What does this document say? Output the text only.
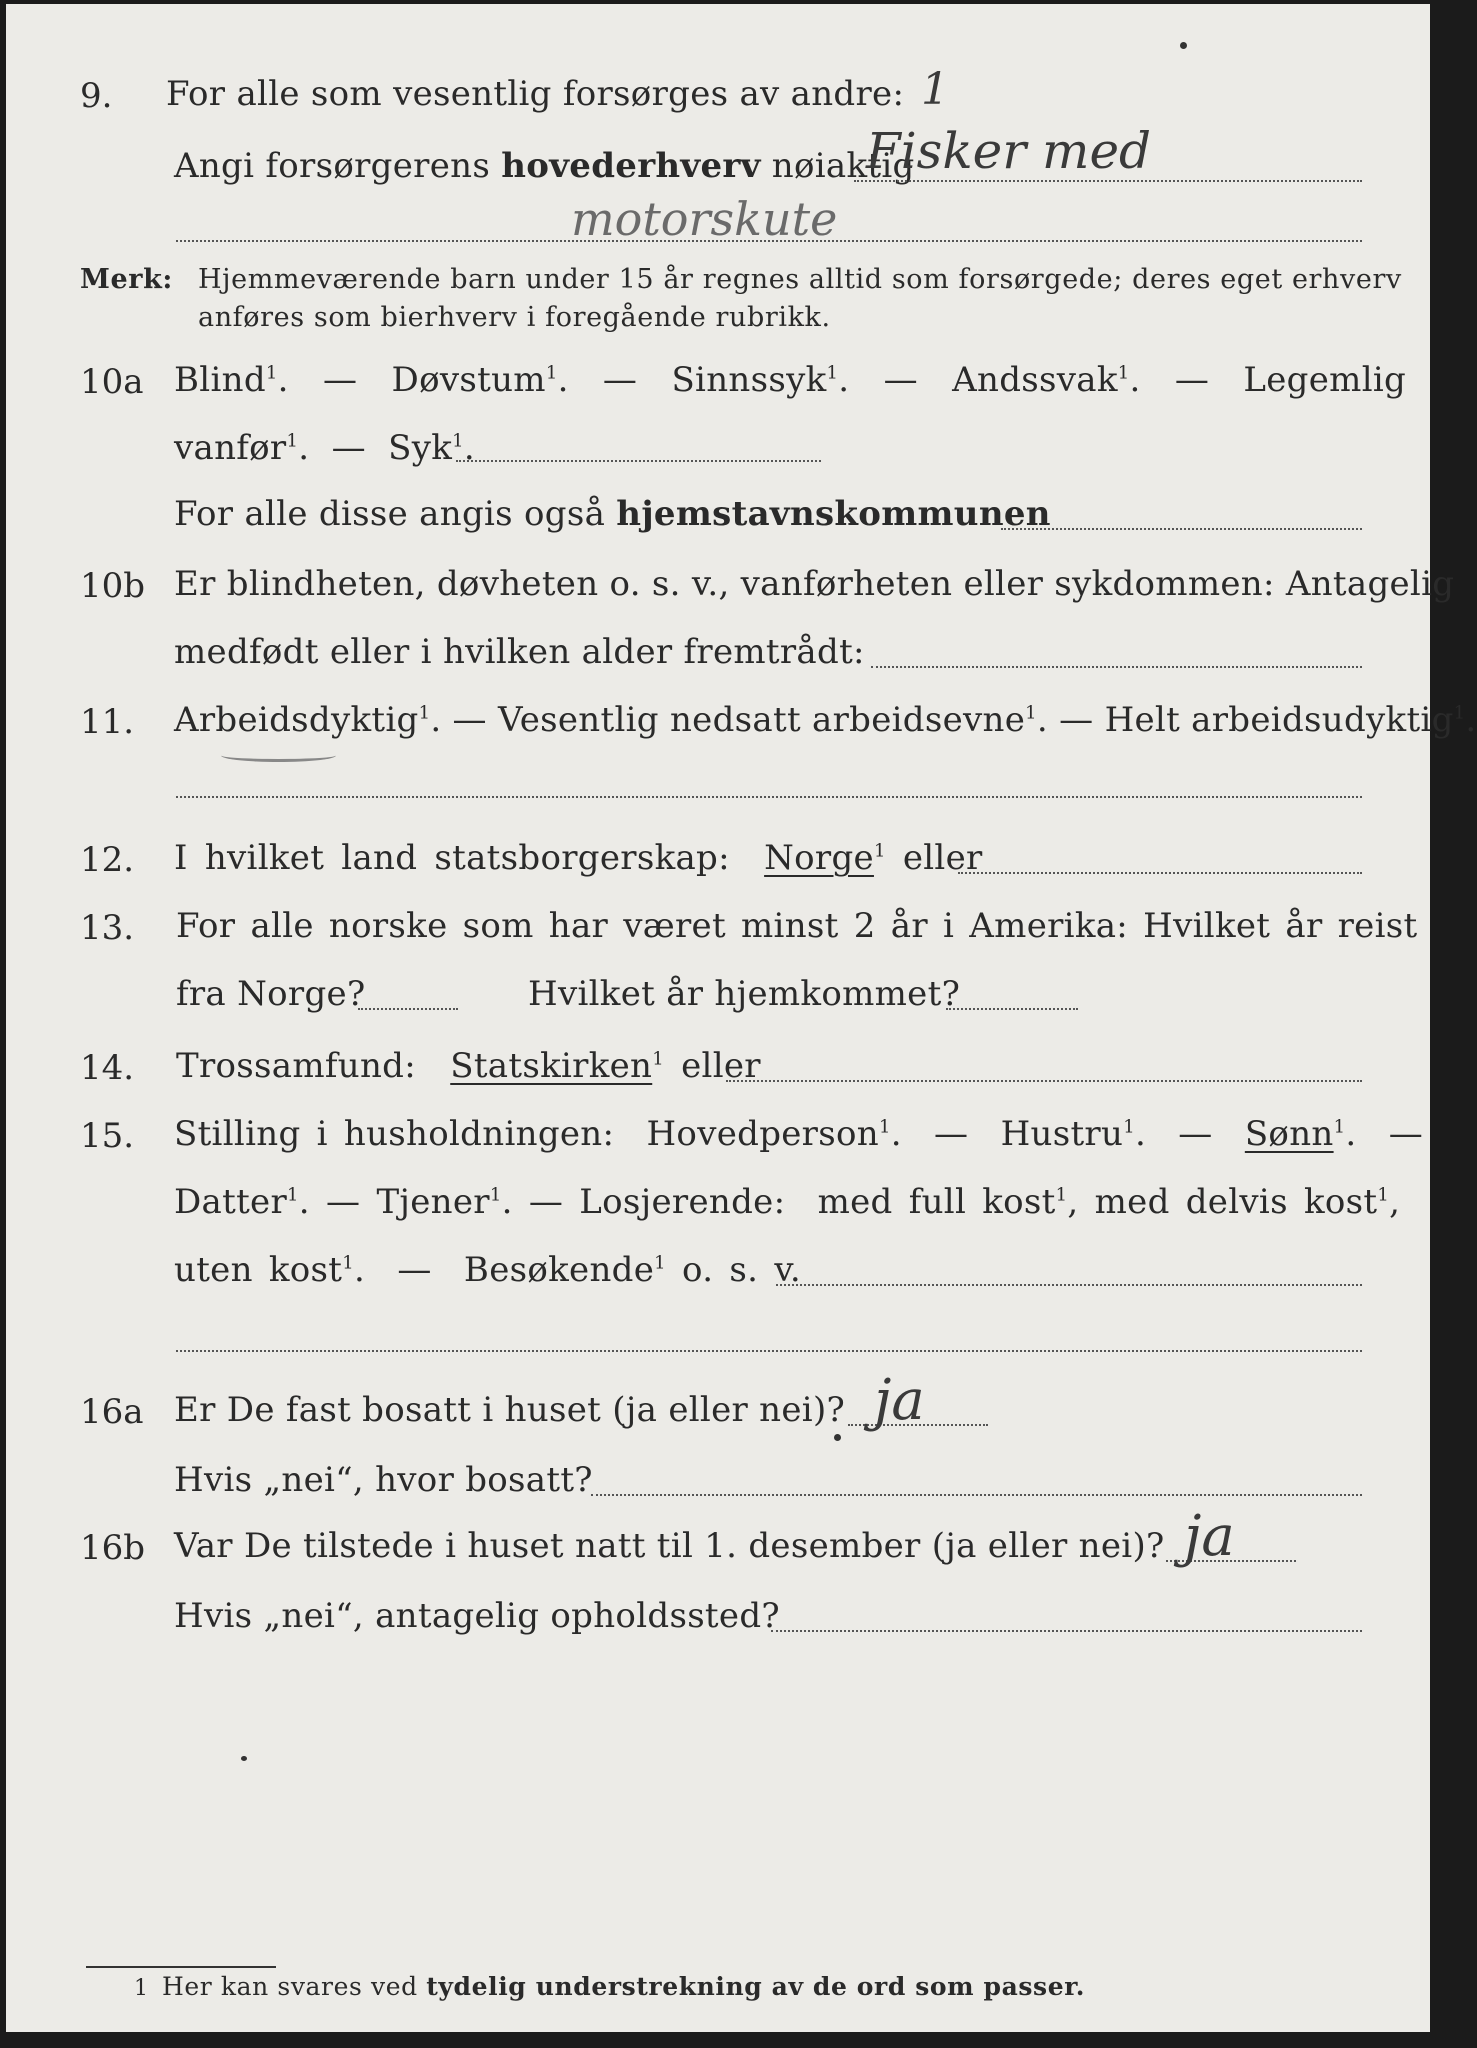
9. For alle som vesentlig forsørges av andre: 1
Angi forsørgerens hovederhverv nøiaktig
Fisker med
motorskute
Merk: Hjemmeværende barn under 15 år regnes alltid som forsørgede; deres eget erhverv
anføres som bierhverv i foregående rubrikk.
10a Blind$^1$.  — Døvstum$^1$.  — Sinnssyk$^1$.  — Andssvak$^1$.  — Legemlig
vanfør$^1$.  — Syk$^1$.
For alle disse angis også hjemstavnskommunen
10b Er blindheten, døvheten o. s. v., vanførheten eller sykdommen: Antagelig
medfødt eller i hvilken alder fremtrådt:
11. Arbeidsdyktig$^1$. — Vesentlig nedsatt arbeidsevne$^1$. — Helt arbeidsudyktig$^1$.
12. I hvilket land statsborgerskap: Norge$^1$ eller
13. For alle norske som har været minst 2 år i Amerika: Hvilket år reist
fra Norge?	Hvilket år hjemkommet?
14. Trossamfund: Statskirken$^1$ eller
15. Stilling i husholdningen: Hovedperson$^1$.  — Hustru$^1$.  — Sønn$^1$.  —
Datter$^1$. — Tjener$^1$. — Losjerende: med full kost$^1$, med delvis kost$^1$,
uten kost$^1$.  — Besøkende$^1$ o. s. v.
16a Er De fast bosatt i huset (ja eller nei)? ja
Hvis „nei“, hvor bosatt?
16b Var De tilstede i huset natt til 1. desember (ja eller nei)? ja
Hvis „nei“, antagelig opholdssted?
1 Her kan svares ved tydelig understrekning av de ord som passer.
